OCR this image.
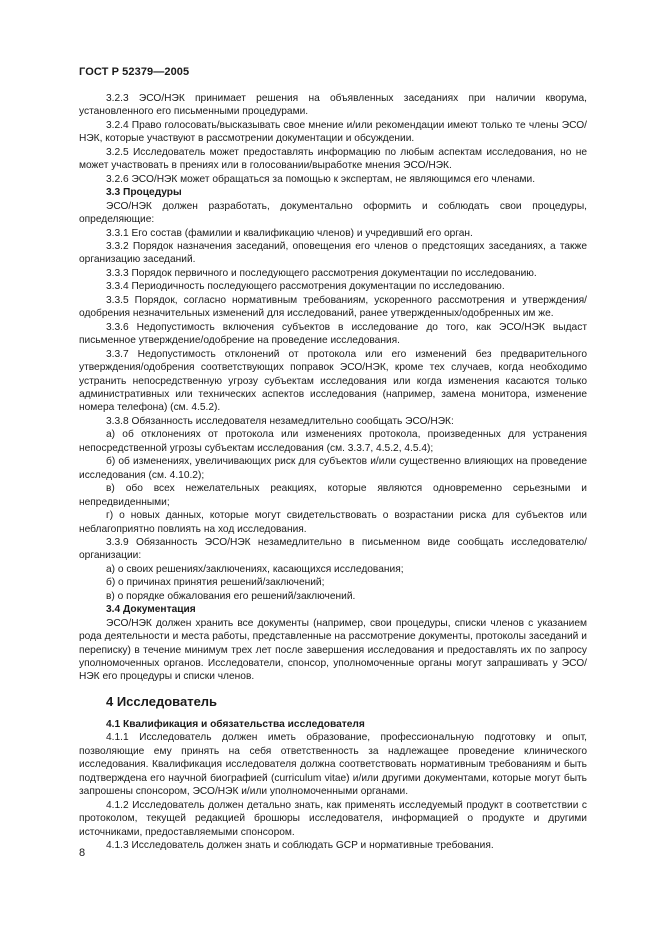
ГОСТ Р 52379—2005

3.2.3 ЭСО/НЭК принимает решения на объявленных заседаниях при наличии кворума, установленного его письменными процедурами.

3.2.4 Право голосовать/высказывать свое мнение и/или рекомендации имеют только те члены ЭСО/НЭК, которые участвуют в рассмотрении документации и обсуждении.

3.2.5 Исследователь может предоставлять информацию по любым аспектам исследования, но не может участвовать в прениях или в голосовании/выработке мнения ЭСО/НЭК.

3.2.6 ЭСО/НЭК может обращаться за помощью к экспертам, не являющимся его членами.

3.3 Процедуры

ЭСО/НЭК должен разработать, документально оформить и соблюдать свои процедуры, определяющие:

3.3.1 Его состав (фамилии и квалификацию членов) и учредивший его орган.

3.3.2 Порядок назначения заседаний, оповещения его членов о предстоящих заседаниях, а также организацию заседаний.

3.3.3 Порядок первичного и последующего рассмотрения документации по исследованию.

3.3.4 Периодичность последующего рассмотрения документации по исследованию.

3.3.5 Порядок, согласно нормативным требованиям, ускоренного рассмотрения и утверждения/одобрения незначительных изменений для исследований, ранее утвержденных/одобренных им же.

3.3.6 Недопустимость включения субъектов в исследование до того, как ЭСО/НЭК выдаст письменное утверждение/одобрение на проведение исследования.

3.3.7 Недопустимость отклонений от протокола или его изменений без предварительного утверждения/одобрения соответствующих поправок ЭСО/НЭК, кроме тех случаев, когда необходимо устранить непосредственную угрозу субъектам исследования или когда изменения касаются только административных или технических аспектов исследования (например, замена монитора, изменение номера телефона) (см. 4.5.2).

3.3.8 Обязанность исследователя незамедлительно сообщать ЭСО/НЭК:

а) об отклонениях от протокола или изменениях протокола, произведенных для устранения непосредственной угрозы субъектам исследования (см. 3.3.7, 4.5.2, 4.5.4);

б) об изменениях, увеличивающих риск для субъектов и/или существенно влияющих на проведение исследования (см. 4.10.2);

в) обо всех нежелательных реакциях, которые являются одновременно серьезными и непредвиденными;

г) о новых данных, которые могут свидетельствовать о возрастании риска для субъектов или неблагоприятно повлиять на ход исследования.

3.3.9 Обязанность ЭСО/НЭК незамедлительно в письменном виде сообщать исследователю/организации:

а) о своих решениях/заключениях, касающихся исследования;

б) о причинах принятия решений/заключений;

в) о порядке обжалования его решений/заключений.

3.4 Документация

ЭСО/НЭК должен хранить все документы (например, свои процедуры, списки членов с указанием рода деятельности и места работы, представленные на рассмотрение документы, протоколы заседаний и переписку) в течение минимум трех лет после завершения исследования и предоставлять их по запросу уполномоченных органов. Исследователи, спонсор, уполномоченные органы могут запрашивать у ЭСО/НЭК его процедуры и списки членов.

4 Исследователь

4.1 Квалификация и обязательства исследователя

4.1.1 Исследователь должен иметь образование, профессиональную подготовку и опыт, позволяющие ему принять на себя ответственность за надлежащее проведение клинического исследования. Квалификация исследователя должна соответствовать нормативным требованиям и быть подтверждена его научной биографией (curriculum vitae) и/или другими документами, которые могут быть запрошены спонсором, ЭСО/НЭК и/или уполномоченными органами.

4.1.2 Исследователь должен детально знать, как применять исследуемый продукт в соответствии с протоколом, текущей редакцией брошюры исследователя, информацией о продукте и другими источниками, предоставляемыми спонсором.

4.1.3 Исследователь должен знать и соблюдать GCP и нормативные требования.

8
